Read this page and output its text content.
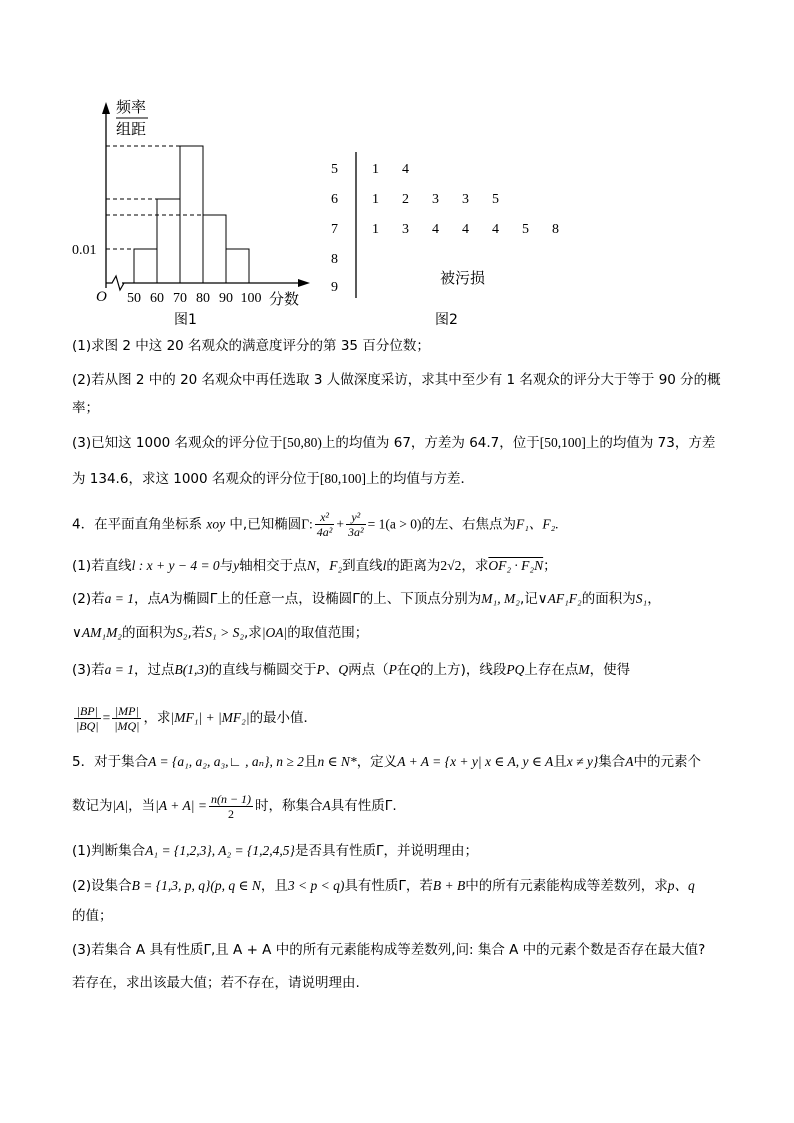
频率
组距
0.01
O 50 60 70 80 90 100 分数
图1
5
6
7
8
9
1 4
1 2 3 3 5
1 3 4 4 4 5 8
被污损
图2
(1)求图 2 中这 20 名观众的满意度评分的第 35 百分位数；
(2)若从图 2 中的 20 名观众中再任选取 3 人做深度采访，求其中至少有 1 名观众的评分大于等于 90 分的概
率；
(3)已知这 1000 名观众的评分位于[50,80)上的均值为 67，方差为 64.7，位于[50,100]上的均值为 73，方差
为 134.6，求这 1000 名观众的评分位于[80,100]上的均值与方差．
4．在平面直角坐标系 xoy 中,已知椭圆Γ: $\frac{\text{x²}}{\text{4a²}} + \frac{\text{y²}}{\text{3a²}} = 1(a > 0)$的左、右焦点为F₁、F₂.
(1)若直线l : x + y − 4 = 0与y轴相交于点N，F₂到直线l的距离为2√2，求OF₂ · F₂N；
(2)若a = 1，点A为椭圆Γ上的任意一点，设椭圆Γ的上、下顶点分别为M₁, M₂,记∨AF₁F₂的面积为S₁，
∨AM₁M₂的面积为S₂,若S₁ > S₂,求|OA|的取值范围；
(3)若a = 1，过点B(1,3)的直线与椭圆交于P、Q两点（P在Q的上方)，线段PQ上存在点M，使得
$\frac{|BP|}{|BQ|} = \frac{|MP|}{|MQ|}$ ，求|MF₁| + |MF₂|的最小值．
5．对于集合A = {a₁, a₂, a₃,∟ , aₙ}, n ≥ 2且n ∈ N*，定义A + A = {x + y| x ∈ A, y ∈ A且x ≠ y}集合A中的元素个
数记为|A|，当$|A + A| = \frac{n(n - 1)}{2}$ 时，称集合A具有性质Γ.
(1)判断集合A₁ = {1,2,3}, A₂ = {1,2,4,5}是否具有性质Γ，并说明理由；
(2)设集合B = {1,3, p, q}(p, q ∈ N，且3 < p < q)具有性质Γ，若B + B中的所有元素能构成等差数列，求p、q
的值；
(3)若集合 A 具有性质Γ,且 A + A 中的所有元素能构成等差数列,问: 集合 A 中的元素个数是否存在最大值?
若存在，求出该最大值；若不存在，请说明理由.
